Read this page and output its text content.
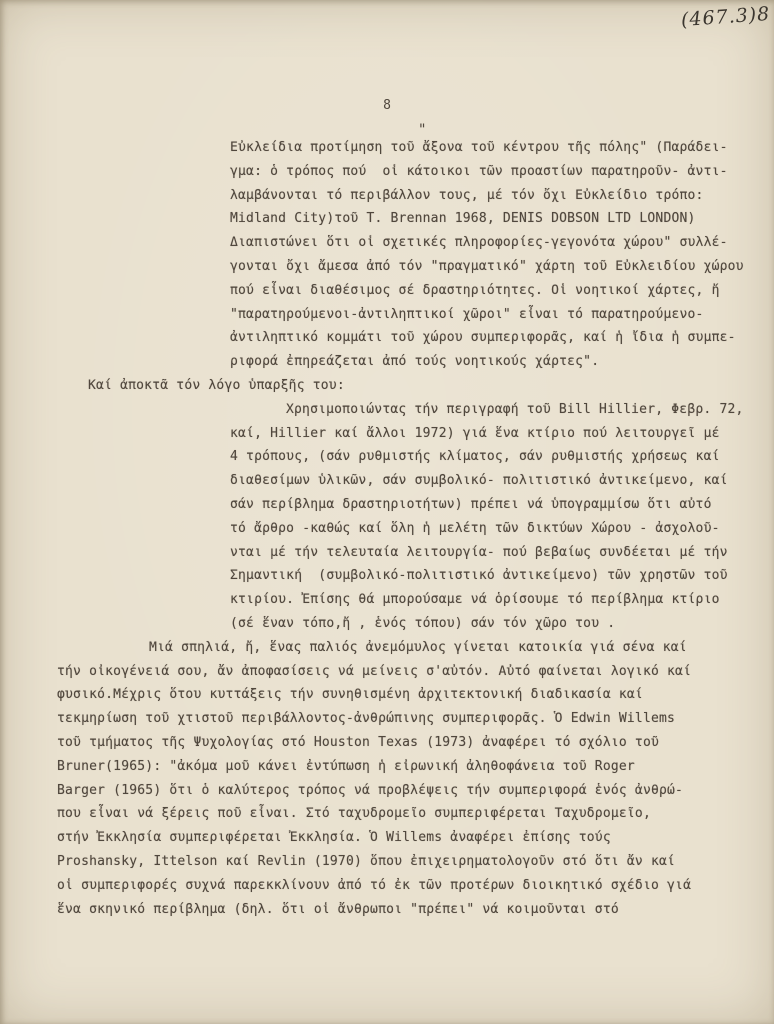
(467.3)8
8
"
Εὐκλείδια προτίμηση τοῦ ἄξονα τοῦ κέντρου τῆς πόλης" (Παράδει-
γμα: ὁ τρόπος πού  οἱ κάτοικοι τῶν προαστίων παρατηροῦν- ἀντι-
λαμβάνονται τό περιβάλλον τους, μέ τόν ὄχι Εὐκλείδιο τρόπο:
Midland City)τοῦ T. Brennan 1968, DENIS DOBSON LTD LONDON)
Διαπιστώνει ὅτι οἱ σχετικές πληροφορίες-γεγονότα χώρου" συλλέ-
γονται ὄχι ἄμεσα ἀπό τόν "πραγματικό" χάρτη τοῦ Εὐκλειδίου χώρου
πού εἶναι διαθέσιμος σέ δραστηριότητες. Οἱ νοητικοί χάρτες, ἤ
"παρατηρούμενοι-ἀντιληπτικοί χῶροι" εἶναι τό παρατηρούμενο-
ἀντιληπτικό κομμάτι τοῦ χώρου συμπεριφορᾶς, καί ἡ ἴδια ἡ συμπε-
ριφορά ἐπηρεάζεται ἀπό τούς νοητικούς χάρτες".
Καί ἀποκτᾶ τόν λόγο ὑπαρξῆς του:
Χρησιμοποιώντας τήν περιγραφή τοῦ Bill Hillier, Φεβρ. 72,
καί, Hillier καί ἄλλοι 1972) γιά ἕνα κτίριο πού λειτουργεῖ μέ
4 τρόπους, (σάν ρυθμιστής κλίματος, σάν ρυθμιστής χρήσεως καί
διαθεσίμων ὑλικῶν, σάν συμβολικό- πολιτιστικό ἀντικείμενο, καί
σάν περίβλημα δραστηριοτήτων) πρέπει νά ὑπογραμμίσω ὅτι αὐτό
τό ἄρθρο -καθώς καί ὅλη ἡ μελέτη τῶν δικτύων Χώρου - ἀσχολοῦ-
νται μέ τήν τελευταία λειτουργία- πού βεβαίως συνδέεται μέ τήν
Σημαντική  (συμβολικό-πολιτιστικό ἀντικείμενο) τῶν χρηστῶν τοῦ
κτιρίου. Ἐπίσης θά μπορούσαμε νά ὁρίσουμε τό περίβλημα κτίριο
(σέ ἕναν τόπο,ἤ , ἑνός τόπου) σάν τόν χῶρο του .
Μιά σπηλιά, ἤ, ἕνας παλιός ἀνεμόμυλος γίνεται κατοικία γιά σένα καί
τήν οἰκογένειά σου, ἄν ἀποφασίσεις νά μείνεις σ'αὐτόν. Αὐτό φαίνεται λογικό καί
φυσικό.Μέχρις ὅτου κυττάξεις τήν συνηθισμένη ἀρχιτεκτονική διαδικασία καί
τεκμηρίωση τοῦ χτιστοῦ περιβάλλοντος-ἀνθρώπινης συμπεριφορᾶς. Ὁ Edwin Willems
τοῦ τμήματος τῆς Ψυχολογίας στό Houston Texas (1973) ἀναφέρει τό σχόλιο τοῦ
Bruner(1965): "ἀκόμα μοῦ κάνει ἐντύπωση ἡ εἰρωνική ἀληθοφάνεια τοῦ Roger
Barger (1965) ὅτι ὁ καλύτερος τρόπος νά προβλέψεις τήν συμπεριφορά ἑνός ἀνθρώ-
που εἶναι νά ξέρεις ποῦ εἶναι. Στό ταχυδρομεῖο συμπεριφέρεται Ταχυδρομεῖο,
στήν Ἐκκλησία συμπεριφέρεται Ἐκκλησία. Ὁ Willems ἀναφέρει ἐπίσης τούς
Proshansky, Ittelson καί Revlin (1970) ὅπου ἐπιχειρηματολογοῦν στό ὅτι ἄν καί
οἱ συμπεριφορές συχνά παρεκκλίνουν ἀπό τό ἐκ τῶν προτέρων διοικητικό σχέδιο γιά
ἕνα σκηνικό περίβλημα (δηλ. ὅτι οἱ ἄνθρωποι "πρέπει" νά κοιμοῦνται στό
